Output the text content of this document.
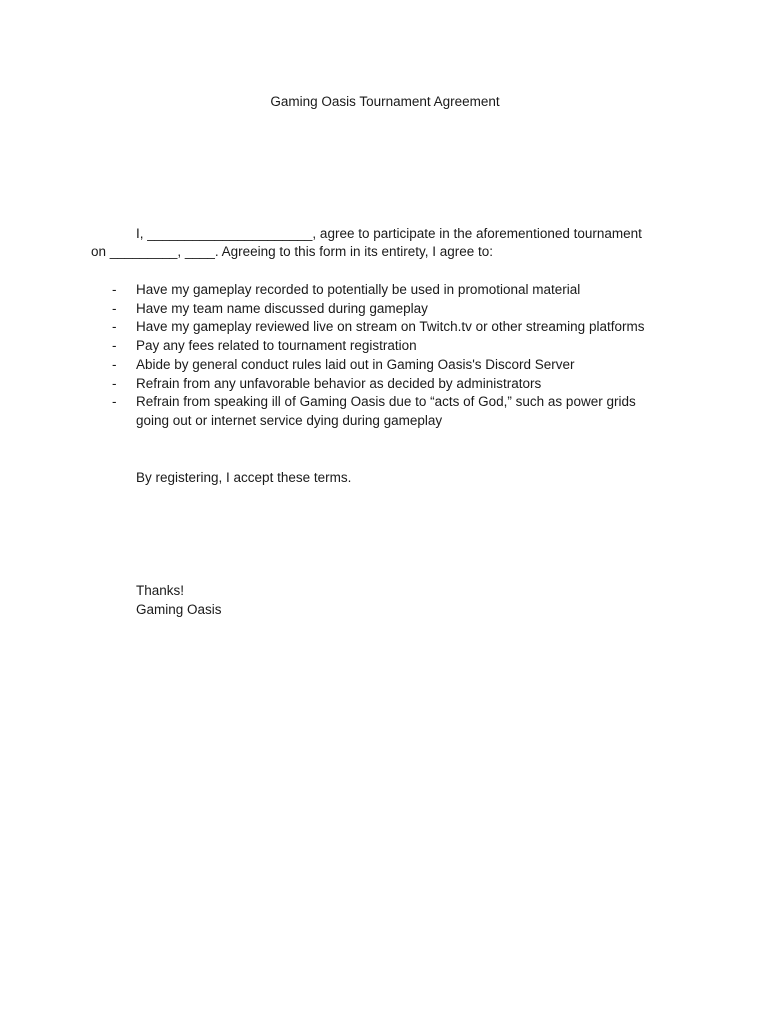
Gaming Oasis Tournament Agreement
I, ______________________, agree to participate in the aforementioned tournament
on _________, ____. Agreeing to this form in its entirety, I agree to:
- Have my gameplay recorded to potentially be used in promotional material
- Have my team name discussed during gameplay
- Have my gameplay reviewed live on stream on Twitch.tv or other streaming platforms
- Pay any fees related to tournament registration
- Abide by general conduct rules laid out in Gaming Oasis's Discord Server
- Refrain from any unfavorable behavior as decided by administrators
- Refrain from speaking ill of Gaming Oasis due to “acts of God,” such as power grids going out or internet service dying during gameplay
By registering, I accept these terms.
Thanks!
Gaming Oasis
